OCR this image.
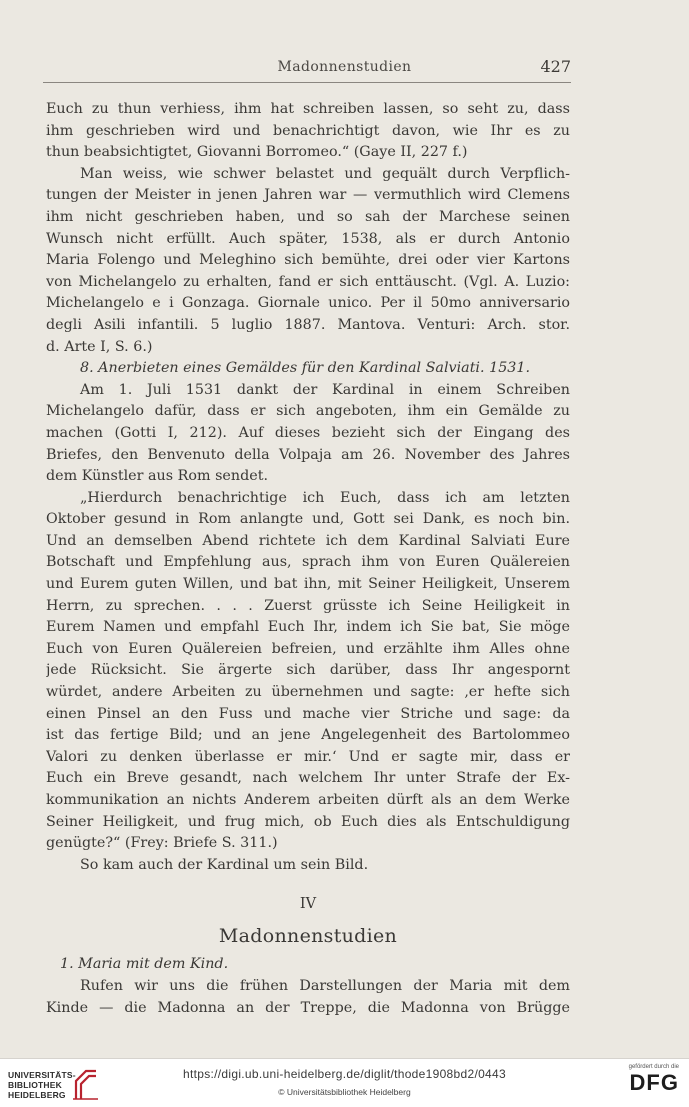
Madonnenstudien	427
Euch zu thun verhiess, ihm hat schreiben lassen, so seht zu, dass
ihm geschrieben wird und benachrichtigt davon, wie Ihr es zu
thun beabsichtigtet, Giovanni Borromeo.“ (Gaye II, 227 f.)
Man weiss, wie schwer belastet und gequält durch Verpflich-
tungen der Meister in jenen Jahren war — vermuthlich wird Clemens
ihm nicht geschrieben haben, und so sah der Marchese seinen
Wunsch nicht erfüllt. Auch später, 1538, als er durch Antonio
Maria Folengo und Meleghino sich bemühte, drei oder vier Kartons
von Michelangelo zu erhalten, fand er sich enttäuscht. (Vgl. A. Luzio:
Michelangelo e i Gonzaga. Giornale unico. Per il 50mo anniversario
degli Asili infantili. 5 luglio 1887. Mantova. Venturi: Arch. stor.
d. Arte I, S. 6.)
8. Anerbieten eines Gemäldes für den Kardinal Salviati. 1531.
Am 1. Juli 1531 dankt der Kardinal in einem Schreiben
Michelangelo dafür, dass er sich angeboten, ihm ein Gemälde zu
machen (Gotti I, 212). Auf dieses bezieht sich der Eingang des
Briefes, den Benvenuto della Volpaja am 26. November des Jahres
dem Künstler aus Rom sendet.
„Hierdurch benachrichtige ich Euch, dass ich am letzten
Oktober gesund in Rom anlangte und, Gott sei Dank, es noch bin.
Und an demselben Abend richtete ich dem Kardinal Salviati Eure
Botschaft und Empfehlung aus, sprach ihm von Euren Quälereien
und Eurem guten Willen, und bat ihn, mit Seiner Heiligkeit, Unserem
Herrn, zu sprechen. . . . Zuerst grüsste ich Seine Heiligkeit in
Eurem Namen und empfahl Euch Ihr, indem ich Sie bat, Sie möge
Euch von Euren Quälereien befreien, und erzählte ihm Alles ohne
jede Rücksicht. Sie ärgerte sich darüber, dass Ihr angespornt
würdet, andere Arbeiten zu übernehmen und sagte: ‚er hefte sich
einen Pinsel an den Fuss und mache vier Striche und sage: da
ist das fertige Bild; und an jene Angelegenheit des Bartolommeo
Valori zu denken überlasse er mir.‘ Und er sagte mir, dass er
Euch ein Breve gesandt, nach welchem Ihr unter Strafe der Ex-
kommunikation an nichts Anderem arbeiten dürft als an dem Werke
Seiner Heiligkeit, und frug mich, ob Euch dies als Entschuldigung
genügte?“ (Frey: Briefe S. 311.)
So kam auch der Kardinal um sein Bild.
IV
Madonnenstudien
1. Maria mit dem Kind.
Rufen wir uns die frühen Darstellungen der Maria mit dem
Kinde — die Madonna an der Treppe, die Madonna von Brügge
UNIVERSITÄTS-
BIBLIOTHEK
HEIDELBERG
https://digi.ub.uni-heidelberg.de/diglit/thode1908bd2/0443
© Universitätsbibliothek Heidelberg
gefördert durch die
DFG
